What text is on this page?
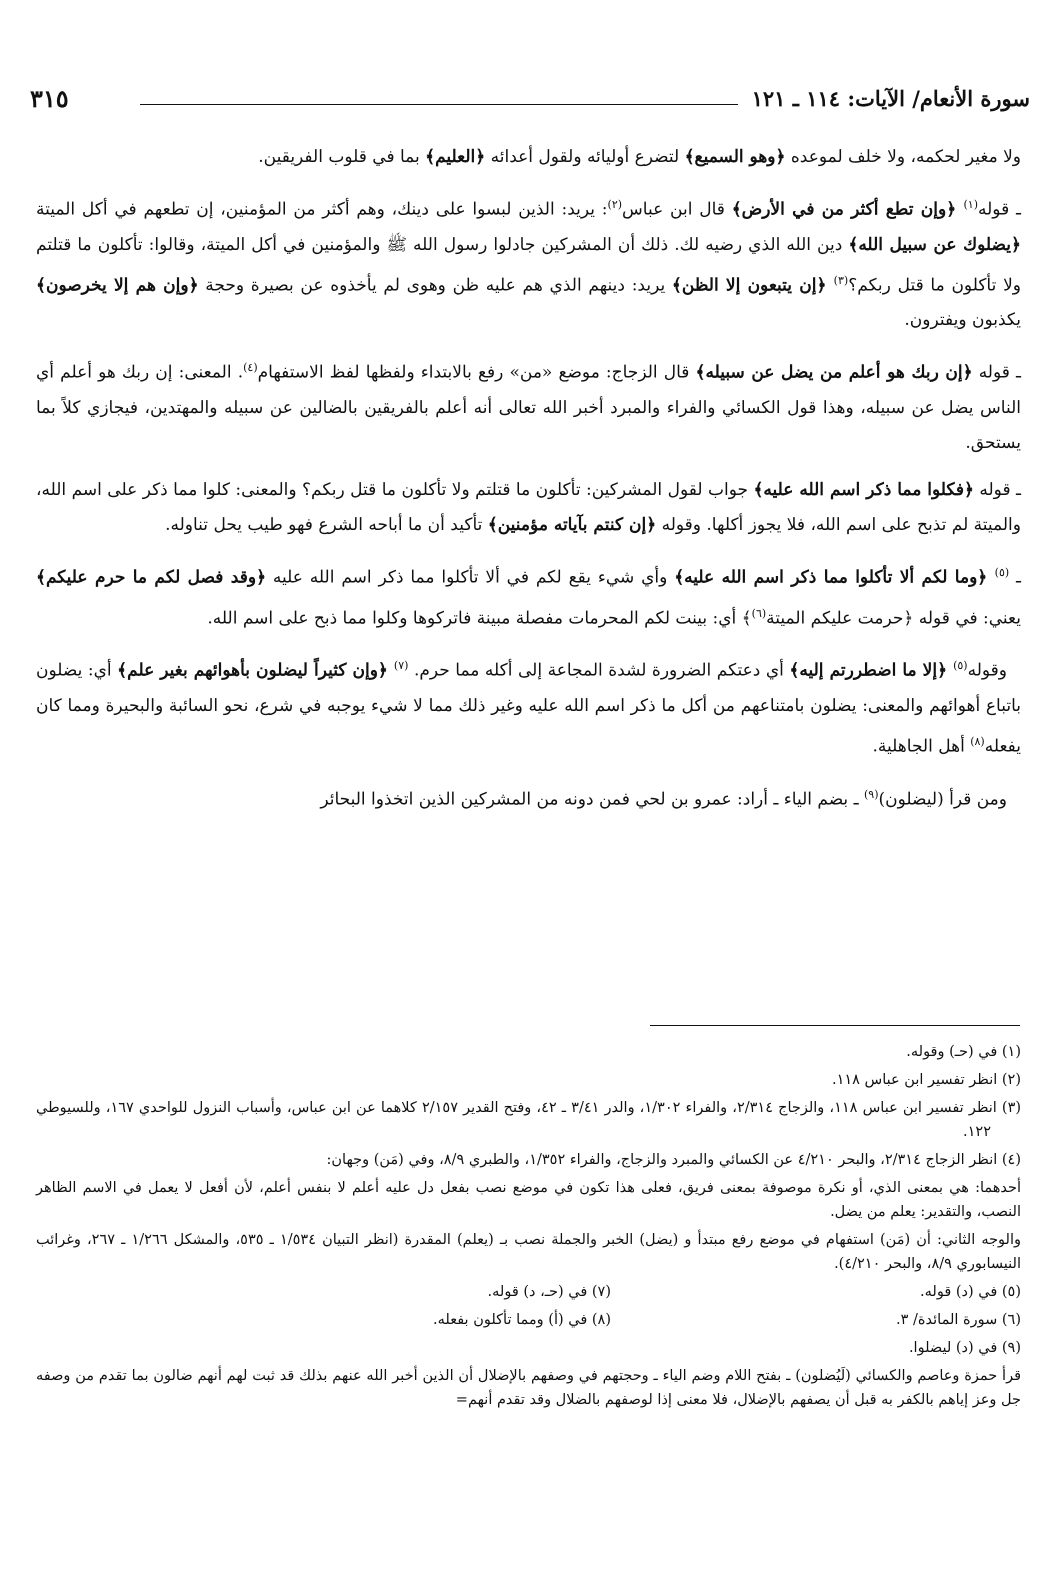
سورة الأنعام/ الآيات: ١١٤ ـ ١٢١
٣١٥

ولا مغير لحكمه، ولا خلف لموعده ﴿وهو السميع﴾ لتضرع أوليائه ولقول أعدائه ﴿العليم﴾ بما في قلوب الفريقين.

ـ قوله$^{(١)}$ ﴿وإن تطع أكثر من في الأرض﴾ قال ابن عباس$^{(٢)}$: يريد: الذين لبسوا على دينك، وهم أكثر من المؤمنين، إن تطعهم في أكل الميتة ﴿يضلوك عن سبيل الله﴾ دين الله الذي رضيه لك. ذلك أن المشركين جادلوا رسول الله ﷺ والمؤمنين في أكل الميتة، وقالوا: تأكلون ما قتلتم ولا تأكلون ما قتل ربكم؟$^{(٣)}$ ﴿إن يتبعون إلا الظن﴾ يريد: دينهم الذي هم عليه ظن وهوى لم يأخذوه عن بصيرة وحجة ﴿وإن هم إلا يخرصون﴾ يكذبون ويفترون.

ـ قوله ﴿إن ربك هو أعلم من يضل عن سبيله﴾ قال الزجاج: موضع «من» رفع بالابتداء ولفظها لفظ الاستفهام$^{(٤)}$. المعنى: إن ربك هو أعلم أي الناس يضل عن سبيله، وهذا قول الكسائي والفراء والمبرد أخبر الله تعالى أنه أعلم بالفريقين بالضالين عن سبيله والمهتدين، فيجازي كلاً بما يستحق.

ـ قوله ﴿فكلوا مما ذكر اسم الله عليه﴾ جواب لقول المشركين: تأكلون ما قتلتم ولا تأكلون ما قتل ربكم؟ والمعنى: كلوا مما ذكر على اسم الله، والميتة لم تذبح على اسم الله، فلا يجوز أكلها. وقوله ﴿إن كنتم بآياته مؤمنين﴾ تأكيد أن ما أباحه الشرع فهو طيب يحل تناوله.

ـ $^{(٥)}$ ﴿وما لكم ألا تأكلوا مما ذكر اسم الله عليه﴾ وأي شيء يقع لكم في ألا تأكلوا مما ذكر اسم الله عليه ﴿وقد فصل لكم ما حرم عليكم﴾ يعني: في قوله ﴿حرمت عليكم الميتة$^{(٦)}$﴾ أي: بينت لكم المحرمات مفصلة مبينة فاتركوها وكلوا مما ذبح على اسم الله.

وقوله$^{(٥)}$ ﴿إلا ما اضطررتم إليه﴾ أي دعتكم الضرورة لشدة المجاعة إلى أكله مما حرم. $^{(٧)}$ ﴿وإن كثيراً ليضلون بأهوائهم بغير علم﴾ أي: يضلون باتباع أهوائهم والمعنى: يضلون بامتناعهم من أكل ما ذكر اسم الله عليه وغير ذلك مما لا شيء يوجبه في شرع، نحو السائبة والبحيرة ومما كان يفعله$^{(٨)}$ أهل الجاهلية.

ومن قرأ (ليضلون)$^{(٩)}$ ـ بضم الياء ـ أراد: عمرو بن لحي فمن دونه من المشركين الذين اتخذوا البحائر

(١) في (حـ) وقوله.
(٢) انظر تفسير ابن عباس ١١٨.
(٣) انظر تفسير ابن عباس ١١٨، والزجاج ٢/٣١٤، والفراء ١/٣٠٢، والدر ٣/٤١ ـ ٤٢، وفتح القدير ٢/١٥٧ كلاهما عن ابن عباس، وأسباب النزول للواحدي ١٦٧، وللسيوطي ١٢٢.
(٤) انظر الزجاج ٢/٣١٤، والبحر ٤/٢١٠ عن الكسائي والمبرد والزجاج، والفراء ١/٣٥٢، والطبري ٨/٩، وفي (مَن) وجهان:
أحدهما: هي بمعنى الذي، أو نكرة موصوفة بمعنى فريق، فعلى هذا تكون في موضع نصب بفعل دل عليه أعلم لا بنفس أعلم، لأن أفعل لا يعمل في الاسم الظاهر النصب، والتقدير: يعلم من يضل.
والوجه الثاني: أن (مَن) استفهام في موضع رفع مبتدأ و (يضل) الخبر والجملة نصب بـ (يعلم) المقدرة (انظر التبيان ١/٥٣٤ ـ ٥٣٥، والمشكل ١/٢٦٦ ـ ٢٦٧، وغرائب النيسابوري ٨/٩، والبحر ٤/٢١٠).
(٥) في (د) قوله.
(٧) في (حـ، د) قوله.
(٦) سورة المائدة/ ٣.
(٨) في (أ) ومما تأكلون بفعله.
(٩) في (د) ليضلوا.
قرأ حمزة وعاصم والكسائي (لَيُضلون) ـ بفتح اللام وضم الياء ـ وحجتهم في وصفهم بالإضلال أن الذين أخبر الله عنهم بذلك قد ثبت لهم أنهم ضالون بما تقدم من وصفه جل وعز إياهم بالكفر به قبل أن يصفهم بالإضلال، فلا معنى إذا لوصفهم بالضلال وقد تقدم أنهم=
